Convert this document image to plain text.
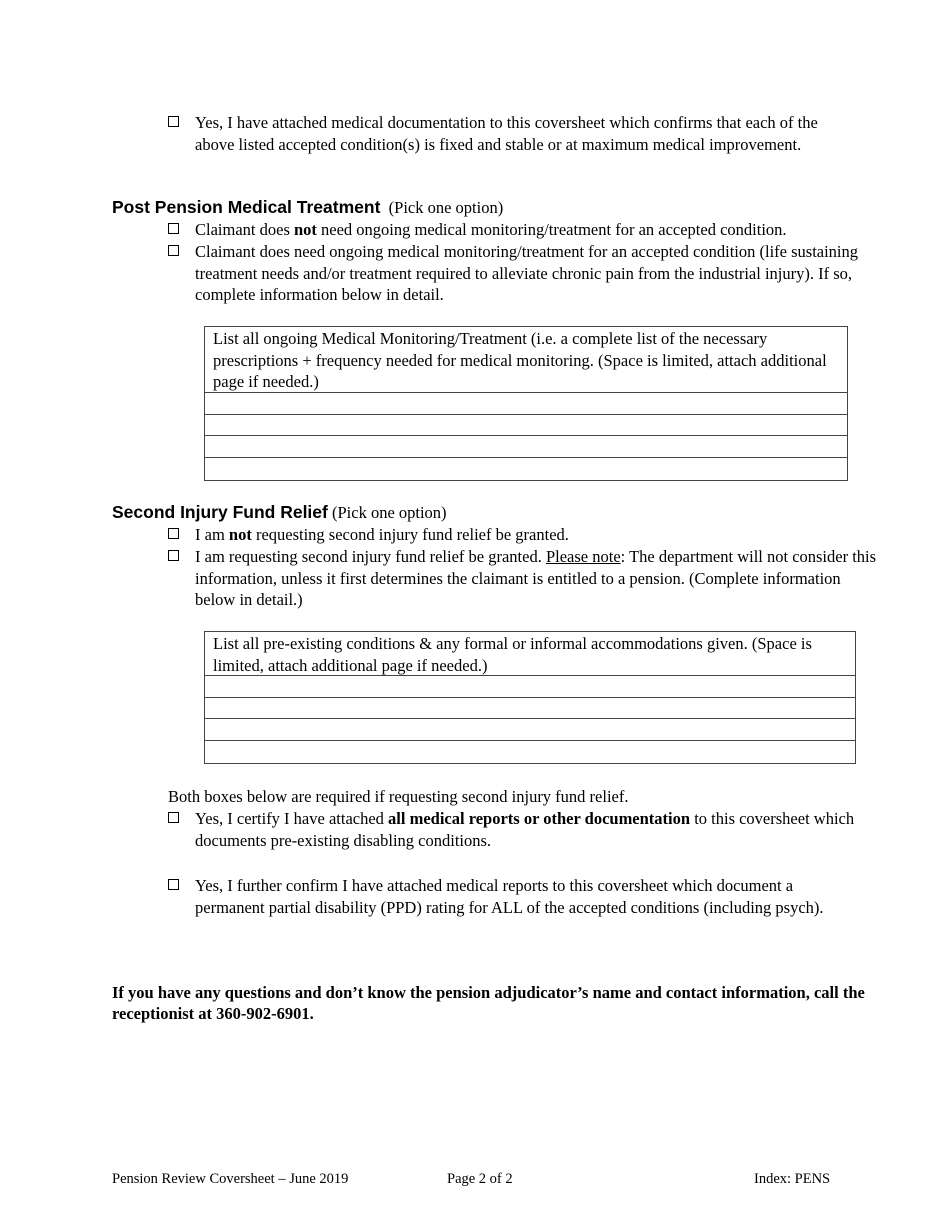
Yes, I have attached medical documentation to this coversheet which confirms that each of the above listed accepted condition(s) is fixed and stable or at maximum medical improvement.
Post Pension Medical Treatment (Pick one option)
Claimant does not need ongoing medical monitoring/treatment for an accepted condition.
Claimant does need ongoing medical monitoring/treatment for an accepted condition (life sustaining treatment needs and/or treatment required to alleviate chronic pain from the industrial injury). If so, complete information below in detail.
List all ongoing Medical Monitoring/Treatment (i.e. a complete list of the necessary prescriptions + frequency needed for medical monitoring. (Space is limited, attach additional page if needed.)
Second Injury Fund Relief (Pick one option)
I am not requesting second injury fund relief be granted.
I am requesting second injury fund relief be granted. Please note: The department will not consider this information, unless it first determines the claimant is entitled to a pension. (Complete information below in detail.)
List all pre-existing conditions & any formal or informal accommodations given. (Space is limited, attach additional page if needed.)
Both boxes below are required if requesting second injury fund relief.
Yes, I certify I have attached all medical reports or other documentation to this coversheet which documents pre-existing disabling conditions.
Yes, I further confirm I have attached medical reports to this coversheet which document a permanent partial disability (PPD) rating for ALL of the accepted conditions (including psych).
If you have any questions and don’t know the pension adjudicator’s name and contact information, call the receptionist at 360-902-6901.
Pension Review Coversheet – June 2019	Page 2 of 2	Index: PENS
